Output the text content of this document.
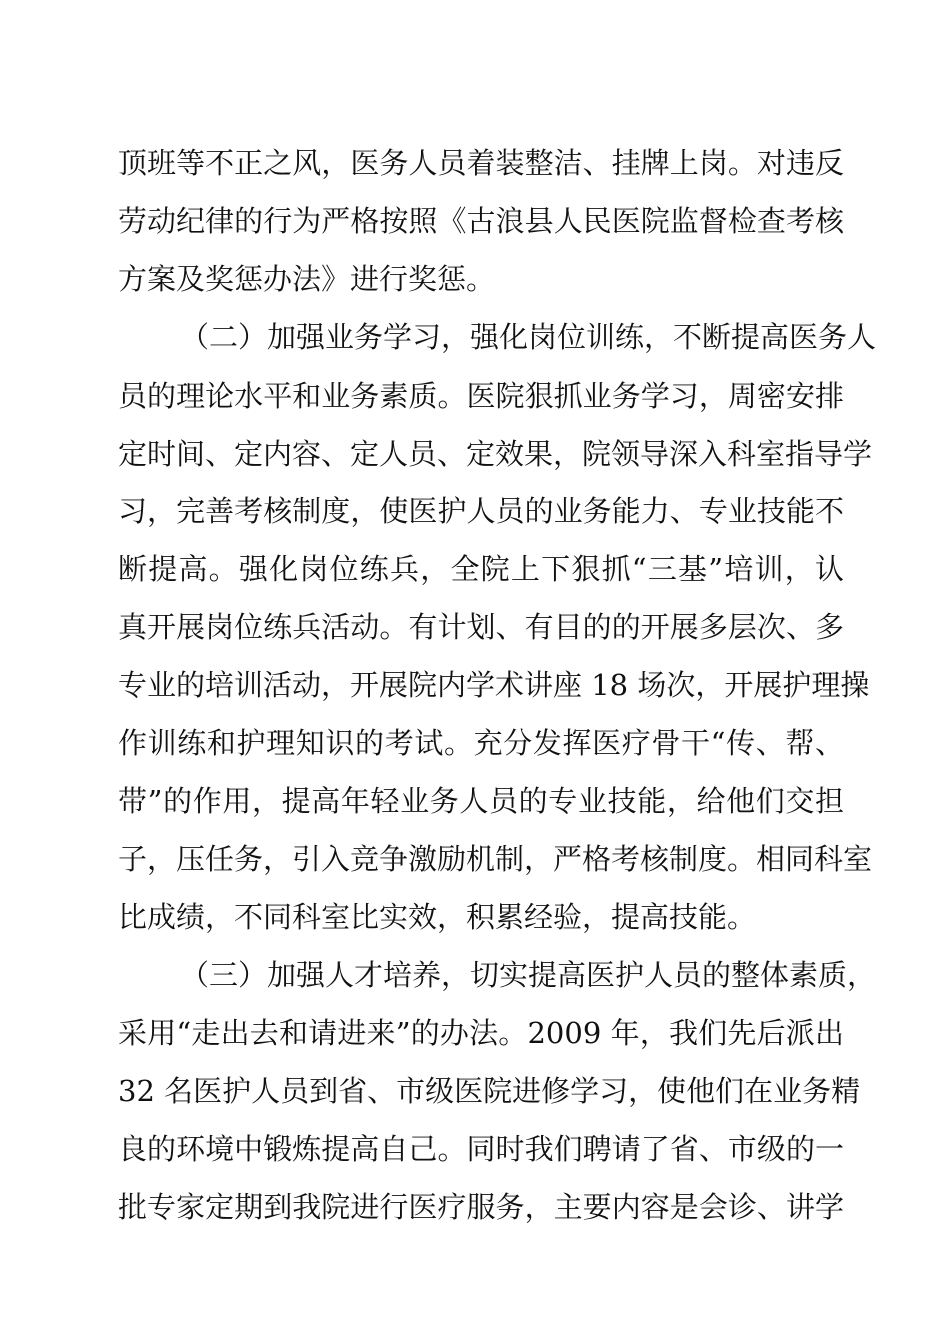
顶班等不正之风，医务人员着装整洁、挂牌上岗。对违反
劳动纪律的行为严格按照《古浪县人民医院监督检查考核
方案及奖惩办法》进行奖惩。
（二）加强业务学习，强化岗位训练，不断提高医务人
员的理论水平和业务素质。医院狠抓业务学习，周密安排
定时间、定内容、定人员、定效果，院领导深入科室指导学
习，完善考核制度，使医护人员的业务能力、专业技能不
断提高。强化岗位练兵，全院上下狠抓“三基”培训，认
真开展岗位练兵活动。有计划、有目的的开展多层次、多
专业的培训活动，开展院内学术讲座 18 场次，开展护理操
作训练和护理知识的考试。充分发挥医疗骨干“传、帮、
带”的作用，提高年轻业务人员的专业技能，给他们交担
子，压任务，引入竞争激励机制，严格考核制度。相同科室
比成绩，不同科室比实效，积累经验，提高技能。
（三）加强人才培养，切实提高医护人员的整体素质，
采用“走出去和请进来”的办法。2009 年，我们先后派出
32 名医护人员到省、市级医院进修学习，使他们在业务精
良的环境中锻炼提高自己。同时我们聘请了省、市级的一
批专家定期到我院进行医疗服务，主要内容是会诊、讲学
